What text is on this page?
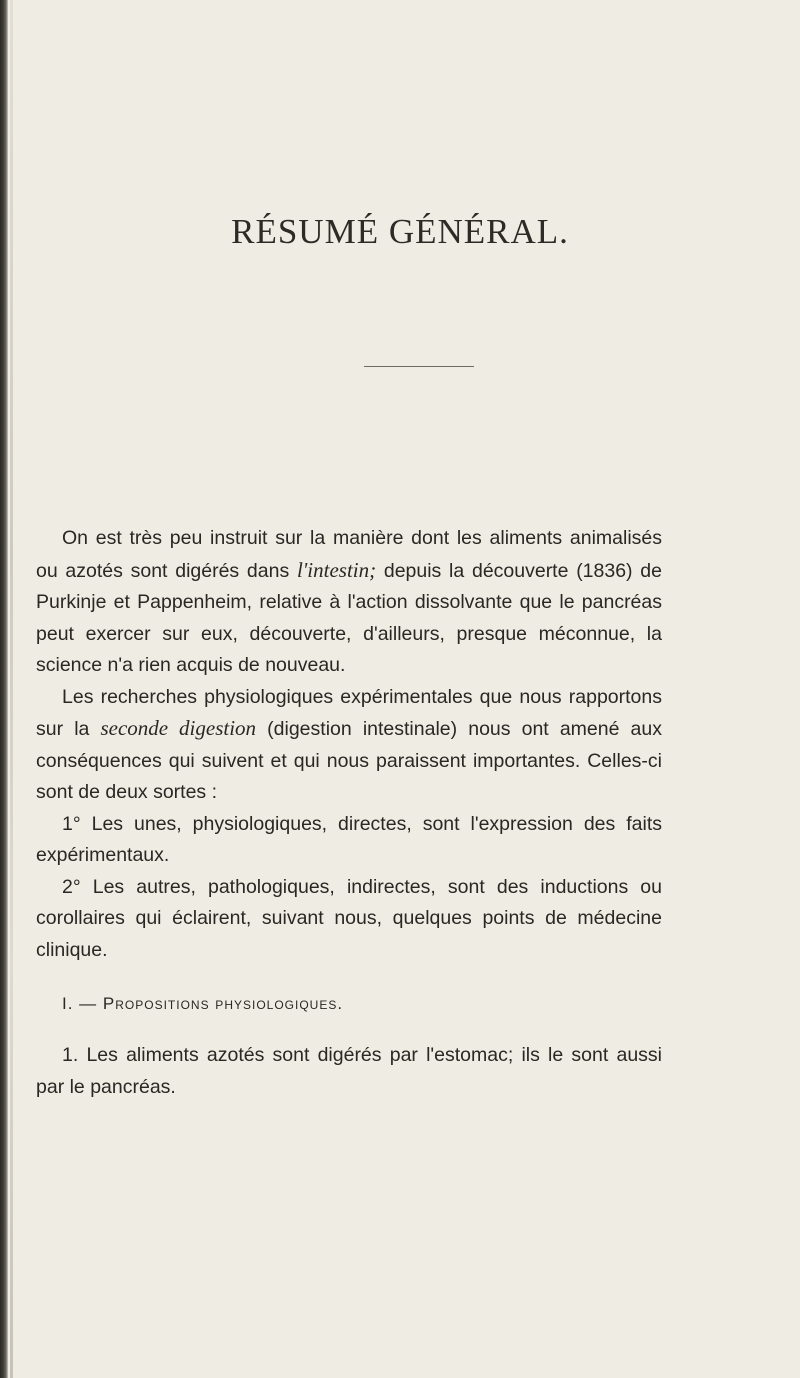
RÉSUMÉ GÉNÉRAL.

On est très peu instruit sur la manière dont les aliments animalisés ou azotés sont digérés dans l'intestin; depuis la découverte (1836) de Purkinje et Pappenheim, relative à l'action dissolvante que le pancréas peut exercer sur eux, découverte, d'ailleurs, presque méconnue, la science n'a rien acquis de nouveau.

Les recherches physiologiques expérimentales que nous rapportons sur la seconde digestion (digestion intestinale) nous ont amené aux conséquences qui suivent et qui nous paraissent importantes. Celles-ci sont de deux sortes :

1° Les unes, physiologiques, directes, sont l'expression des faits expérimentaux.

2° Les autres, pathologiques, indirectes, sont des inductions ou corollaires qui éclairent, suivant nous, quelques points de médecine clinique.

I. — Propositions physiologiques.

1. Les aliments azotés sont digérés par l'estomac; ils le sont aussi par le pancréas.
